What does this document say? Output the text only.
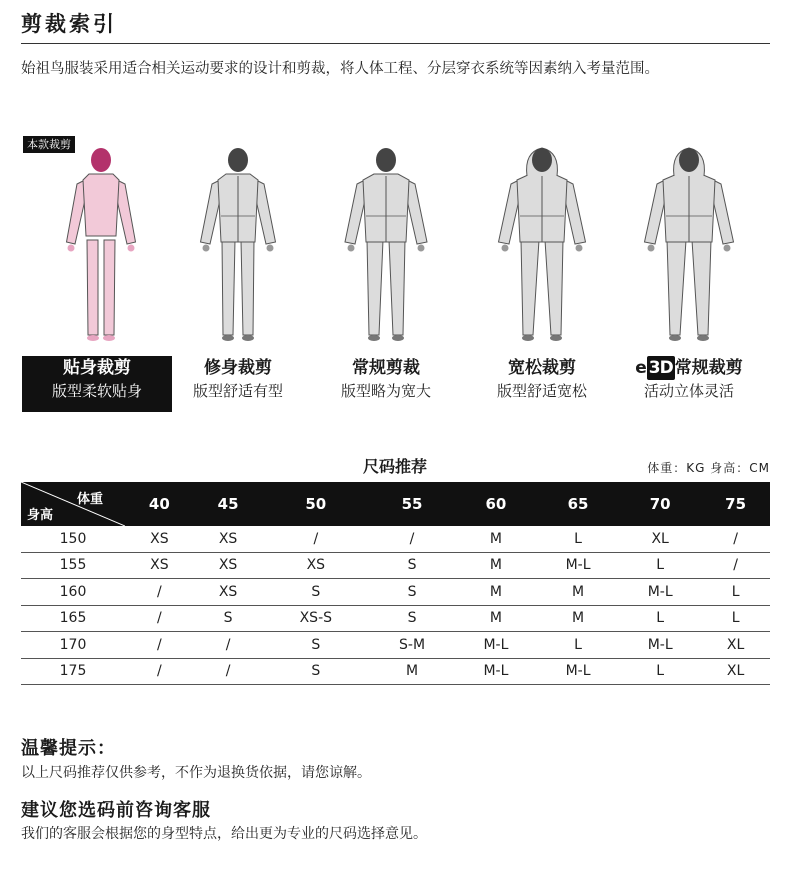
剪裁索引
始祖鸟服装采用适合相关运动要求的设计和剪裁，将人体工程、分层穿衣系统等因素纳入考量范围。
本款裁剪
贴身裁剪
版型柔软贴身
修身裁剪
版型舒适有型
常规剪裁
版型略为宽大
宽松裁剪
版型舒适宽松
e 3D 常规裁剪
活动立体灵活
尺码推荐	体重：KG 身高：CM
体重
身高	40	45	50	55	60	65	70	75
150	XS	XS	/	/	M	L	XL	/
155	XS	XS	XS	S	M	M-L	L	/
160	/	XS	S	S	M	M	M-L	L
165	/	S	XS-S	S	M	M	L	L
170	/	/	S	S-M	M-L	L	M-L	XL
175	/	/	S	M	M-L	M-L	L	XL
温馨提示：
以上尺码推荐仅供参考，不作为退换货依据，请您谅解。
建议您选码前咨询客服
我们的客服会根据您的身型特点，给出更为专业的尺码选择意见。
